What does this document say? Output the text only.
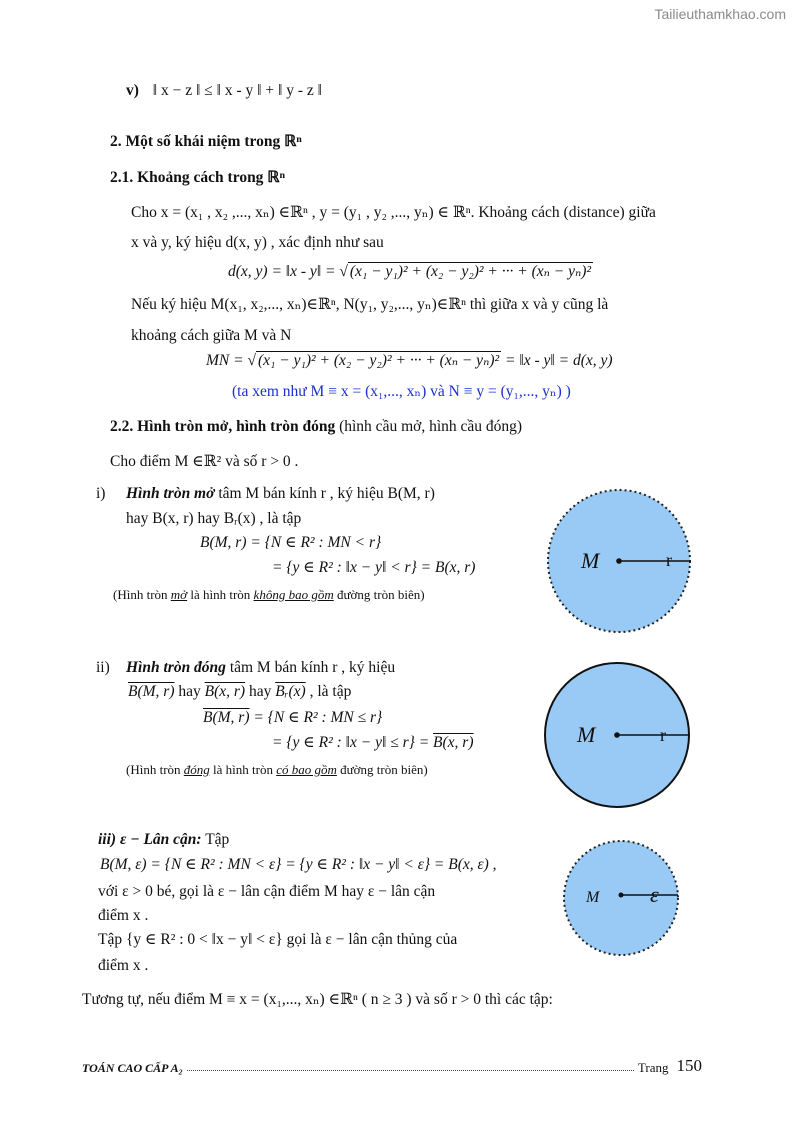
Tailieuthamkhao.com
v) ‖ x − z ‖ ≤ ‖ x - y ‖ + ‖ y - z ‖
2. Một số khái niệm trong ℝⁿ
2.1. Khoảng cách trong ℝⁿ
Cho x = (x₁ , x₂ ,..., xₙ) ∈ℝⁿ , y = (y₁ , y₂ ,..., yₙ) ∈ ℝⁿ. Khoảng cách (distance) giữa
x và y, ký hiệu d(x, y) , xác định như sau
d(x, y) = ‖x - y‖ = √ (x₁ − y₁)² + (x₂ − y₂)² + ··· + (xₙ − yₙ)²
Nếu ký hiệu M(x₁, x₂,..., xₙ)∈ℝⁿ, N(y₁, y₂,..., yₙ)∈ℝⁿ thì giữa x và y cũng là
khoảng cách giữa M và N
MN = √ (x₁ − y₁)² + (x₂ − y₂)² + ··· + (xₙ − yₙ)² = ‖x - y‖ = d(x, y)
(ta xem như M ≡ x = (x₁,..., xₙ) và N ≡ y = (y₁,..., yₙ) )
2.2. Hình tròn mở, hình tròn đóng (hình cầu mở, hình cầu đóng)
Cho điểm M ∈ℝ² và số r > 0 .
i) Hình tròn mở tâm M bán kính r , ký hiệu B(M, r)
hay B(x, r) hay Bᵣ(x) , là tập
B(M, r) = {N ∈ R² : MN < r}
= {y ∈ R² : ‖x − y‖ < r} = B(x, r)
(Hình tròn mở là hình tròn không bao gồm đường tròn biên)
M	r
ii) Hình tròn đóng tâm M bán kính r , ký hiệu
B(M, r) hay B(x, r) hay Bᵣ(x) , là tập
B(M, r) = {N ∈ R² : MN ≤ r}
= {y ∈ R² : ‖x − y‖ ≤ r} = B(x, r)
(Hình tròn đóng là hình tròn có bao gồm đường tròn biên)
M	r
iii) ε − Lân cận: Tập
B(M, ε) = {N ∈ R² : MN < ε} = {y ∈ R² : ‖x − y‖ < ε} = B(x, ε) ,
với ε > 0 bé, gọi là ε − lân cận điểm M hay ε − lân cận
điểm x .
Tập {y ∈ R² : 0 < ‖x − y‖ < ε} gọi là ε − lân cận thủng của
điểm x .
M ε
Tương tự, nếu điểm M ≡ x = (x₁,..., xₙ) ∈ℝⁿ ( n ≥ 3 ) và số r > 0 thì các tập:
TOÁN CAO CẤP A₂	Trang 150
